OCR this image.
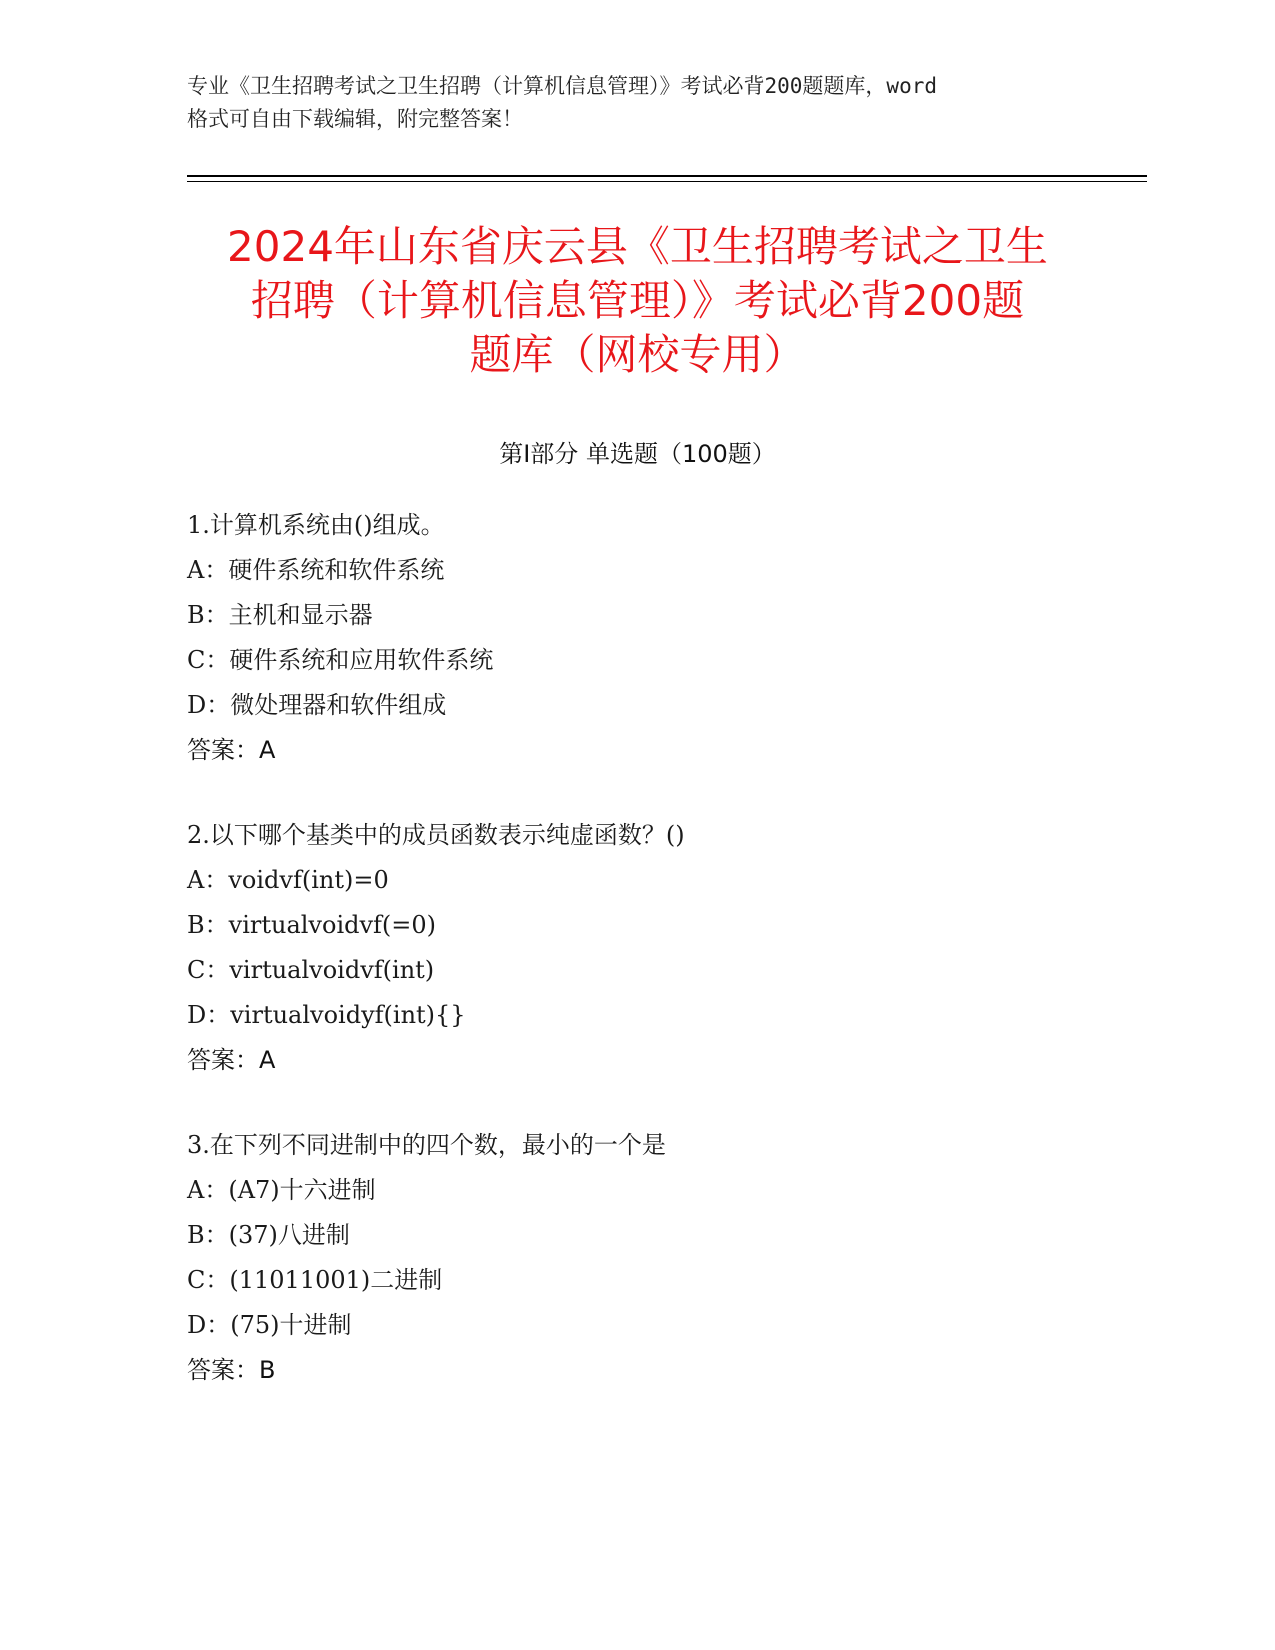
专业《卫生招聘考试之卫生招聘（计算机信息管理）》考试必背200题题库，word
格式可自由下载编辑，附完整答案！
2024年山东省庆云县《卫生招聘考试之卫生
招聘（计算机信息管理）》考试必背200题
题库（网校专用）
第Ⅰ部分 单选题（100题）
1.计算机系统由()组成。
A：硬件系统和软件系统
B：主机和显示器
C：硬件系统和应用软件系统
D：微处理器和软件组成
答案：A
2.以下哪个基类中的成员函数表示纯虚函数？()
A：voidvf(int)=0
B：virtualvoidvf(=0)
C：virtualvoidvf(int)
D：virtualvoidyf(int){}
答案：A
3.在下列不同进制中的四个数，最小的一个是
A：(A7)十六进制
B：(37)八进制
C：(11011001)二进制
D：(75)十进制
答案：B
